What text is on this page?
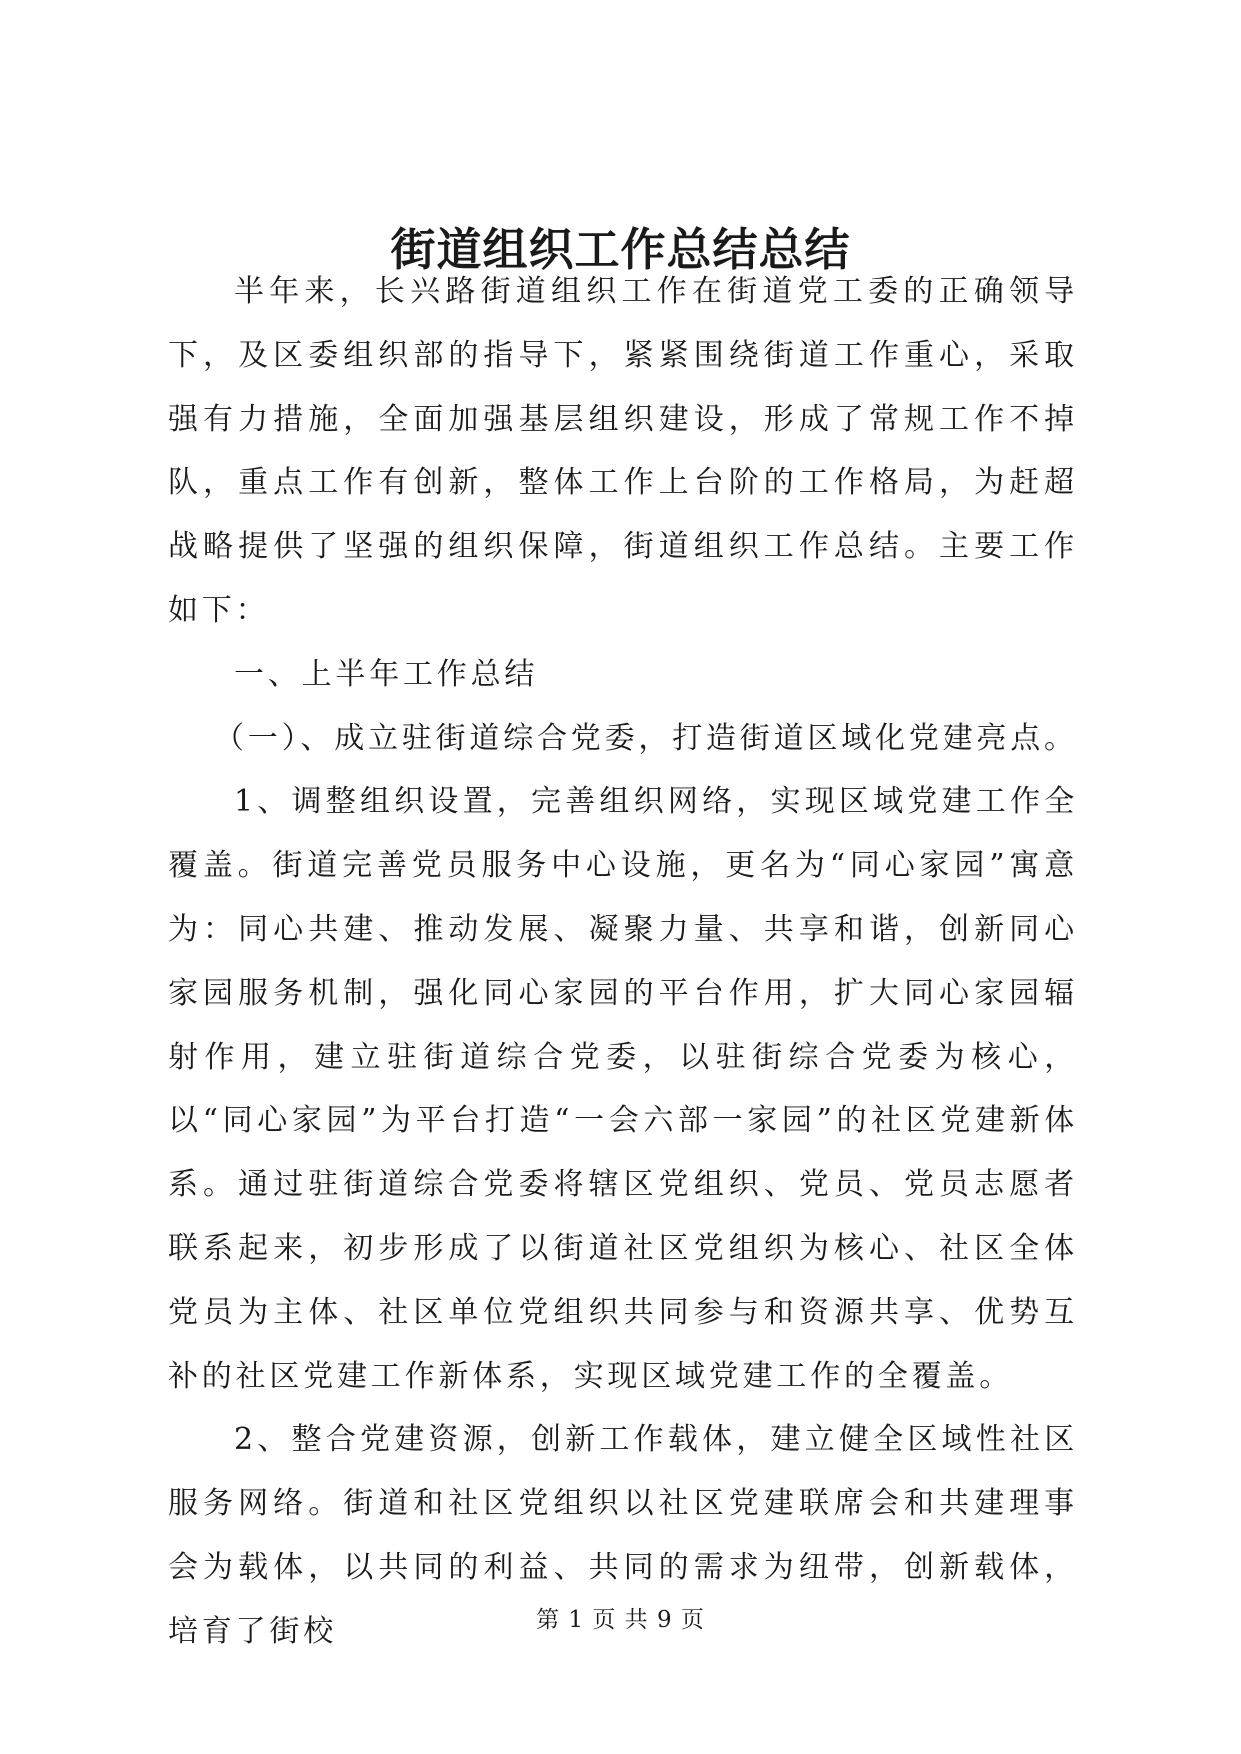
街道组织工作总结总结

半年来，长兴路街道组织工作在街道党工委的正确领导下，及区委组织部的指导下，紧紧围绕街道工作重心，采取强有力措施，全面加强基层组织建设，形成了常规工作不掉队，重点工作有创新，整体工作上台阶的工作格局，为赶超战略提供了坚强的组织保障，街道组织工作总结。主要工作如下：

一、上半年工作总结

（一）、成立驻街道综合党委，打造街道区域化党建亮点。

1、调整组织设置，完善组织网络，实现区域党建工作全覆盖。街道完善党员服务中心设施，更名为“同心家园”寓意为：同心共建、推动发展、凝聚力量、共享和谐，创新同心家园服务机制，强化同心家园的平台作用，扩大同心家园辐射作用，建立驻街道综合党委，以驻街综合党委为核心，以“同心家园”为平台打造“一会六部一家园”的社区党建新体系。通过驻街道综合党委将辖区党组织、党员、党员志愿者联系起来，初步形成了以街道社区党组织为核心、社区全体党员为主体、社区单位党组织共同参与和资源共享、优势互补的社区党建工作新体系，实现区域党建工作的全覆盖。

2、整合党建资源，创新工作载体，建立健全区域性社区服务网络。街道和社区党组织以社区党建联席会和共建理事会为载体，以共同的利益、共同的需求为纽带，创新载体，培育了街校	第 1 页 共 9 页
